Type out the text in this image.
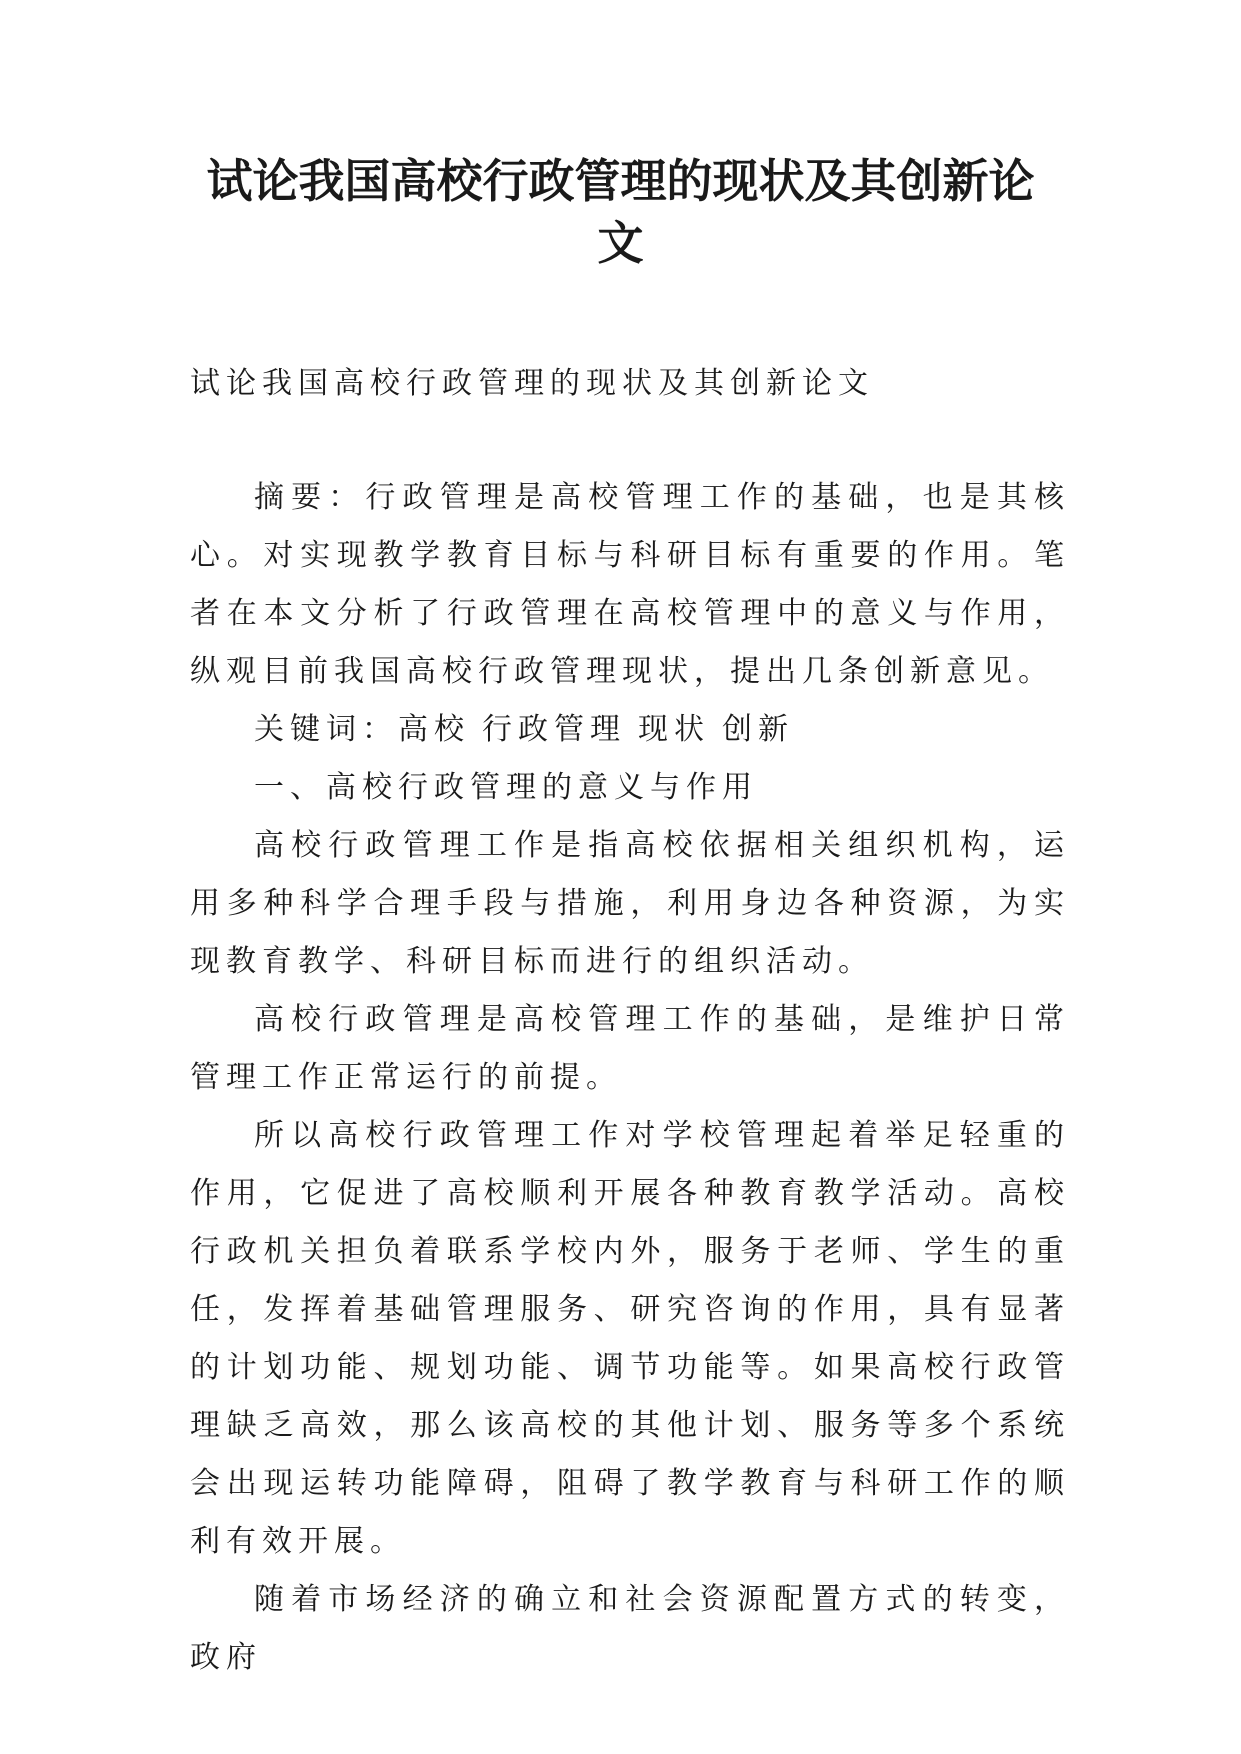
试论我国高校行政管理的现状及其创新论
文

试论我国高校行政管理的现状及其创新论文

摘要：行政管理是高校管理工作的基础，也是其核心。对实现教学教育目标与科研目标有重要的作用。笔者在本文分析了行政管理在高校管理中的意义与作用，纵观目前我国高校行政管理现状，提出几条创新意见。

关键词：高校 行政管理 现状 创新

一、高校行政管理的意义与作用

高校行政管理工作是指高校依据相关组织机构，运用多种科学合理手段与措施，利用身边各种资源，为实现教育教学、科研目标而进行的组织活动。

高校行政管理是高校管理工作的基础，是维护日常管理工作正常运行的前提。

所以高校行政管理工作对学校管理起着举足轻重的作用，它促进了高校顺利开展各种教育教学活动。高校行政机关担负着联系学校内外，服务于老师、学生的重任，发挥着基础管理服务、研究咨询的作用，具有显著的计划功能、规划功能、调节功能等。如果高校行政管理缺乏高效，那么该高校的其他计划、服务等多个系统会出现运转功能障碍，阻碍了教学教育与科研工作的顺利有效开展。

随着市场经济的确立和社会资源配置方式的转变，政府
